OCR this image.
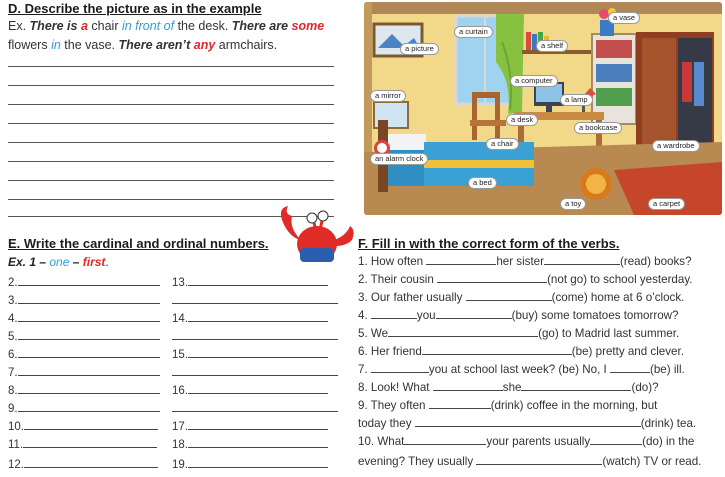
D. Describe the picture as in the example
Ex. There is a chair in front of the desk. There are some
flowers in the vase. There aren’t any armchairs.
a vase
a curtain
a picture	a shelf
a computer
a mirror	a lamp
a desk
a bookcase
a chair	a wardrobe
an alarm clock
a bed
a toy	a carpet
E. Write the cardinal and ordinal numbers.
Ex. 1 – one – first.
2.
3.
4.
5.
6.
7.
8.
9.
10.
11.
12.
13.
14.
15.
16.
17.
18.
19.
F. Fill in with the correct form of the verbs.
1. How often	her sister	(read) books?
2. Their cousin	(not go) to school yesterday.
3. Our father usually	(come) home at 6 o’clock.
4.	you	(buy) some tomatoes tomorrow?
5. We	(go) to Madrid last summer.
6. Her friend	(be) pretty and clever.
7.	you at school last week? (be) No, I	(be) ill.
8. Look! What	she	(do)?
9. They often	(drink) coffee in the morning, but
today they	(drink) tea.
10. What	your parents usually	(do) in the
evening? They usually	(watch) TV or read.
